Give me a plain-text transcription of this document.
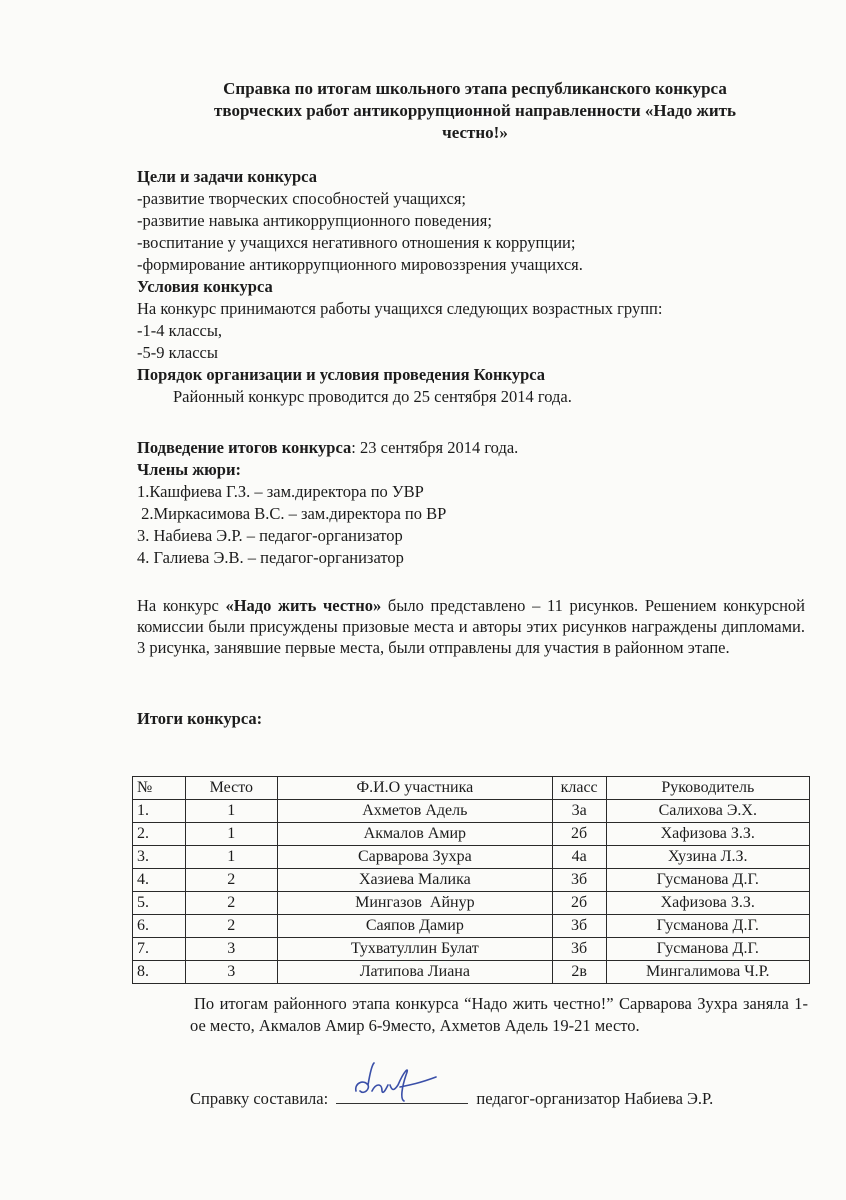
Справка по итогам школьного этапа республиканского конкурса
творческих работ антикоррупционной направленности «Надо жить
честно!»
Цели и задачи конкурса
-развитие творческих способностей учащихся;
-развитие навыка антикоррупционного поведения;
-воспитание у учащихся негативного отношения к коррупции;
-формирование антикоррупционного мировоззрения учащихся.
Условия конкурса
На конкурс принимаются работы учащихся следующих возрастных групп:
-1-4 классы,
-5-9 классы
Порядок организации и условия проведения Конкурса
Районный конкурс проводится до 25 сентября 2014 года.
Подведение итогов конкурса: 23 сентября 2014 года.
Члены жюри:
1.Кашфиева Г.З. – зам.директора по УВР
2.Миркасимова В.С. – зам.директора по ВР
3. Набиева Э.Р. – педагог-организатор
4. Галиева Э.В. – педагог-организатор
На конкурс «Надо жить честно» было представлено – 11 рисунков. Решением конкурсной комиссии были присуждены призовые места и авторы этих рисунков награждены дипломами. 3 рисунка, занявшие первые места, были отправлены для участия в районном этапе.
Итоги конкурса:
№	Место	Ф.И.О участника	класс	Руководитель
1.	1	Ахметов Адель	3а	Салихова Э.Х.
2.	1	Акмалов Амир	2б	Хафизова З.З.
3.	1	Сарварова Зухра	4а	Хузина Л.З.
4.	2	Хазиева Малика	3б	Гусманова Д.Г.
5.	2	Мингазов  Айнур	2б	Хафизова З.З.
6.	2	Саяпов Дамир	3б	Гусманова Д.Г.
7.	3	Тухватуллин Булат	3б	Гусманова Д.Г.
8.	3	Латипова Лиана	2в	Мингалимова Ч.Р.
По итогам районного этапа конкурса “Надо жить честно!” Сарварова Зухра заняла 1-ое место, Акмалов Амир 6-9место, Ахметов Адель 19-21 место.
Справку составила:	педагог-организатор Набиева Э.Р.
